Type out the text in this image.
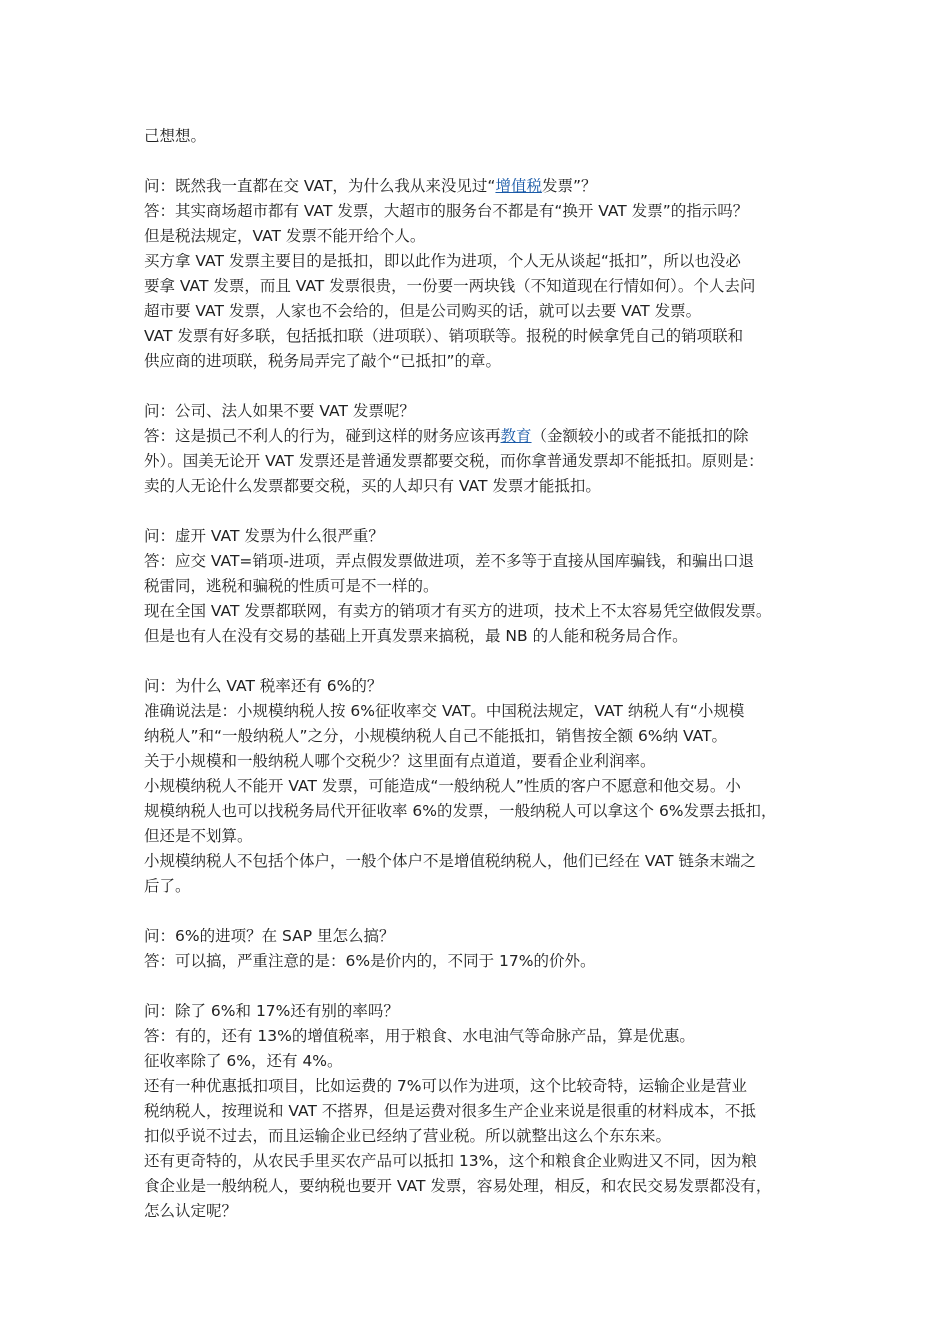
己想想。
问：既然我一直都在交 VAT，为什么我从来没见过“增值税发票”？
答：其实商场超市都有 VAT 发票，大超市的服务台不都是有“换开 VAT 发票”的指示吗？
但是税法规定，VAT 发票不能开给个人。
买方拿 VAT 发票主要目的是抵扣，即以此作为进项，个人无从谈起“抵扣”，所以也没必
要拿 VAT 发票，而且 VAT 发票很贵，一份要一两块钱（不知道现在行情如何）。个人去问
超市要 VAT 发票，人家也不会给的，但是公司购买的话，就可以去要 VAT 发票。
VAT 发票有好多联，包括抵扣联（进项联）、销项联等。报税的时候拿凭自己的销项联和
供应商的进项联，税务局弄完了敲个“已抵扣”的章。
问：公司、法人如果不要 VAT 发票呢？
答：这是损己不利人的行为，碰到这样的财务应该再教育（金额较小的或者不能抵扣的除
外）。国美无论开 VAT 发票还是普通发票都要交税，而你拿普通发票却不能抵扣。原则是：
卖的人无论什么发票都要交税，买的人却只有 VAT 发票才能抵扣。
问：虚开 VAT 发票为什么很严重？
答：应交 VAT=销项-进项，弄点假发票做进项，差不多等于直接从国库骗钱，和骗出口退
税雷同，逃税和骗税的性质可是不一样的。
现在全国 VAT 发票都联网，有卖方的销项才有买方的进项，技术上不太容易凭空做假发票。
但是也有人在没有交易的基础上开真发票来搞税，最 NB 的人能和税务局合作。
问：为什么 VAT 税率还有 6%的？
准确说法是：小规模纳税人按 6%征收率交 VAT。中国税法规定，VAT 纳税人有“小规模
纳税人”和“一般纳税人”之分，小规模纳税人自己不能抵扣，销售按全额 6%纳 VAT。
关于小规模和一般纳税人哪个交税少？这里面有点道道，要看企业利润率。
小规模纳税人不能开 VAT 发票，可能造成“一般纳税人”性质的客户不愿意和他交易。小
规模纳税人也可以找税务局代开征收率 6%的发票，一般纳税人可以拿这个 6%发票去抵扣，
但还是不划算。
小规模纳税人不包括个体户，一般个体户不是增值税纳税人，他们已经在 VAT 链条末端之
后了。
问：6%的进项？在 SAP 里怎么搞？
答：可以搞，严重注意的是：6%是价内的，不同于 17%的价外。
问：除了 6%和 17%还有别的率吗？
答：有的，还有 13%的增值税率，用于粮食、水电油气等命脉产品，算是优惠。
征收率除了 6%，还有 4%。
还有一种优惠抵扣项目，比如运费的 7%可以作为进项，这个比较奇特，运输企业是营业
税纳税人，按理说和 VAT 不搭界，但是运费对很多生产企业来说是很重的材料成本，不抵
扣似乎说不过去，而且运输企业已经纳了营业税。所以就整出这么个东东来。
还有更奇特的，从农民手里买农产品可以抵扣 13%，这个和粮食企业购进又不同，因为粮
食企业是一般纳税人，要纳税也要开 VAT 发票，容易处理，相反，和农民交易发票都没有，
怎么认定呢？
